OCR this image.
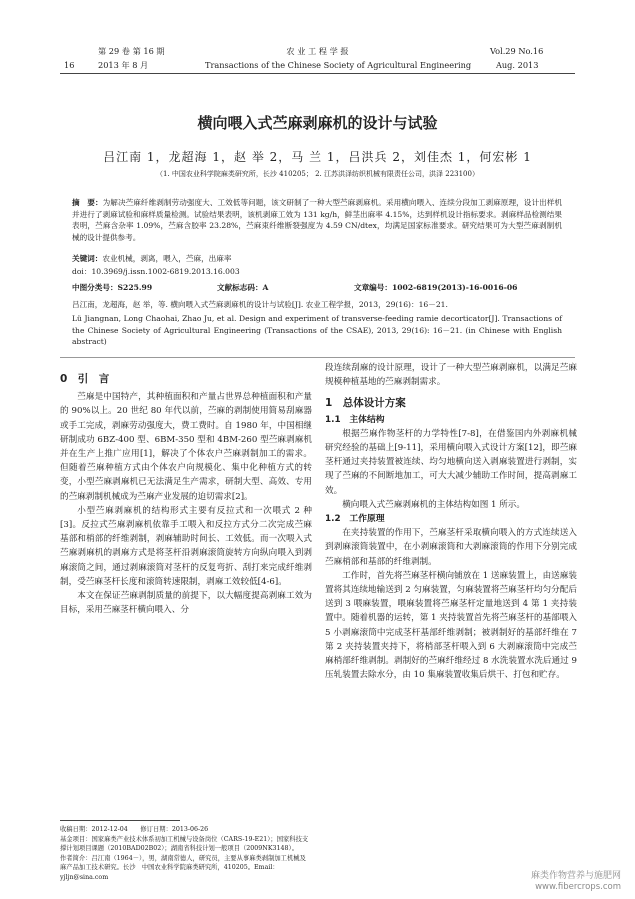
第 29 卷 第 16 期	农 业 工 程 学 报	Vol.29 No.16
16	2013 年 8 月	Transactions of the Chinese Society of Agricultural Engineering	Aug. 2013
横向喂入式苎麻剥麻机的设计与试验
吕江南 1，龙超海 1，赵 举 2，马 兰 1，吕洪兵 2，刘佳杰 1，何宏彬 1
（1. 中国农业科学院麻类研究所，长沙 410205； 2. 江苏洪泽纺织机械有限责任公司，洪泽 223100）
摘　要：为解决苎麻纤维剥制劳动强度大、工效低等问题，该文研制了一种大型苎麻剥麻机。采用横向喂入、连续分段加工剥麻原理，设计出样机并进行了剥麻试验和麻样质量检测。试验结果表明，该机剥麻工效为 131 kg/h，鲜茎出麻率 4.15%，达到样机设计指标要求。剥麻样品检测结果表明，苎麻含杂率 1.09%，苎麻含胶率 23.28%，苎麻束纤维断裂强度为 4.59 CN/dtex，均满足国家标准要求。研究结果可为大型苎麻剥制机械的设计提供参考。
关键词：农业机械，剥离，喂入，苎麻，出麻率
doi：10.3969/j.issn.1002-6819.2013.16.003
中图分类号：S225.99	文献标志码：A	文章编号：1002-6819(2013)-16-0016-06
吕江南，龙超海，赵 举，等. 横向喂入式苎麻剥麻机的设计与试验[J]. 农业工程学报，2013，29(16)：16－21.
Lü Jiangnan, Long Chaohai, Zhao Ju, et al. Design and experiment of transverse-feeding ramie decorticator[J]. Transactions of the Chinese Society of Agricultural Engineering (Transactions of the CSAE), 2013, 29(16): 16－21. (in Chinese with English abstract)

0　引　言

苎麻是中国特产，其种植面积和产量占世界总种植面积和产量的 90%以上。20 世纪 80 年代以前，苎麻的剥制使用简易刮麻器或手工完成，剥麻劳动强度大，费工费时。自 1980 年，中国相继研制成功 6BZ-400 型、6BM-350 型和 4BM-260 型苎麻剥麻机并在生产上推广应用[1]，解决了个体农户苎麻剥制加工的需求。但随着苎麻种植方式由个体农户向规模化、集中化种植方式的转变，小型苎麻剥麻机已无法满足生产需求，研制大型、高效、专用的苎麻剥制机械成为苎麻产业发展的迫切需求[2]。

小型苎麻剥麻机的结构形式主要有反拉式和一次喂式 2 种[3]。反拉式苎麻剥麻机依靠手工喂入和反拉方式分二次完成苎麻基部和梢部的纤维剥制，剥麻辅助时间长、工效低。而一次喂入式苎麻剥麻机的剥麻方式是将茎杆沿剥麻滚筒旋转方向纵向喂入到剥麻滚筒之间，通过剥麻滚筒对茎杆的反复弯折、刮打来完成纤维剥制，受苎麻茎杆长度和滚筒转速限制，剥麻工效较低[4-6]。

本文在保证苎麻剥制质量的前提下，以大幅度提高剥麻工效为目标，采用苎麻茎杆横向喂入、分

段连续刮麻的设计原理，设计了一种大型苎麻剥麻机，以满足苎麻规模种植基地的苎麻剥制需求。

1　总体设计方案

1.1　主体结构

根据苎麻作物茎杆的力学特性[7-8]，在借鉴国内外剥麻机械研究经验的基础上[9-11]，采用横向喂入式设计方案[12]，即苎麻茎杆通过夹持装置被连续、均匀地横向送入剥麻装置进行剥制，实现了苎麻的不间断地加工，可大大减少辅助工作时间，提高剥麻工效。

横向喂入式苎麻剥麻机的主体结构如图 1 所示。

1.2　工作原理

在夹持装置的作用下，苎麻茎杆采取横向喂入的方式连续送入到剥麻滚筒装置中，在小剥麻滚筒和大剥麻滚筒的作用下分别完成苎麻梢部和基部的纤维剥制。

工作时，首先将苎麻茎杆横向铺放在 1 送麻装置上，由送麻装置将其连续地输送到 2 匀麻装置，匀麻装置将苎麻茎杆均匀分配后送到 3 喂麻装置，喂麻装置将苎麻茎杆定量地送到 4 第 1 夹持装置中。随着机器的运转，第 1 夹持装置首先将苎麻茎杆的基部喂入 5 小剥麻滚筒中完成茎杆基部纤维剥制；被剥制好的基部纤维在 7 第 2 夹持装置夹持下，将梢部茎杆喂入到 6 大剥麻滚筒中完成苎麻梢部纤维剥制。剥制好的苎麻纤维经过 8 水洗装置水洗后通过 9 压轧装置去除水分，由 10 集麻装置收集后烘干、打包和贮存。

收稿日期：2012-12-04　　修订日期：2013-06-26
基金项目：国家麻类产业技术体系初加工机械与设备岗位（CARS-19-E21）；国家科技支撑计划项目课题（2010BAD02B02）；湖南省科技计划一般项目（2009NK3148）。
作者简介：吕江南（1964－），男，湖南常德人，研究员，主要从事麻类剥制加工机械及麻产品加工技术研究。长沙　中国农业科学院麻类研究所，410205。Email：yjljn@sina.com	麻类作物营养与施肥网
www.fibercrops.com
